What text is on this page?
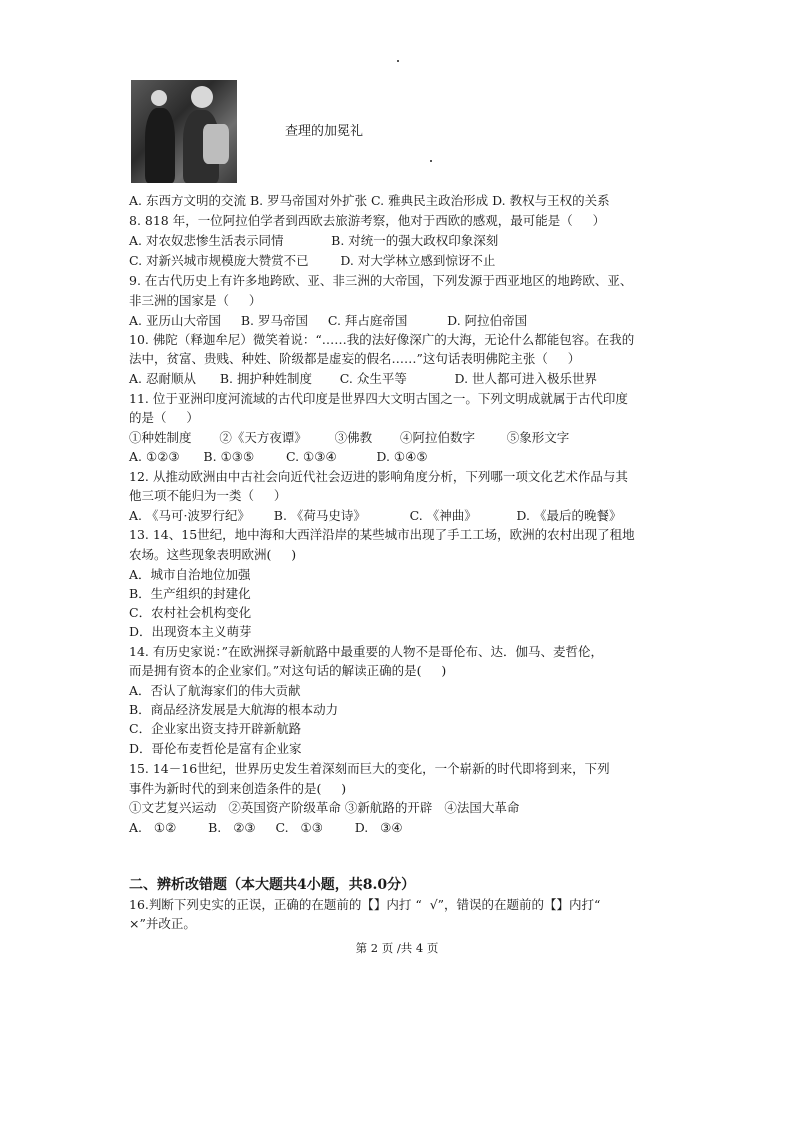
查理的加冕礼
A. 东西方文明的交流 B. 罗马帝国对外扩张 C. 雅典民主政治形成 D. 教权与王权的关系
8. 818 年，一位阿拉伯学者到西欧去旅游考察，他对于西欧的感观，最可能是（     ）
A. 对农奴悲惨生活表示同情            B. 对统一的强大政权印象深刻
C. 对新兴城市规模庞大赞赏不已        D. 对大学林立感到惊讶不止
9. 在古代历史上有许多地跨欧、亚、非三洲的大帝国，下列发源于西亚地区的地跨欧、亚、
非三洲的国家是（     ）
A. 亚历山大帝国     B. 罗马帝国     C. 拜占庭帝国          D. 阿拉伯帝国
10. 佛陀（释迦牟尼）微笑着说：“……我的法好像深广的大海，无论什么都能包容。在我的
法中，贫富、贵贱、种姓、阶级都是虚妄的假名……”这句话表明佛陀主张（     ）
A. 忍耐顺从      B. 拥护种姓制度       C. 众生平等            D. 世人都可进入极乐世界
11. 位于亚洲印度河流域的古代印度是世界四大文明古国之一。下列文明成就属于古代印度
的是（     ）
①种姓制度       ②《天方夜谭》       ③佛教       ④阿拉伯数字        ⑤象形文字
A. ①②③      B. ①③⑤        C. ①③④          D. ①④⑤
12. 从推动欧洲由中古社会向近代社会迈进的影响角度分析，下列哪一项文化艺术作品与其
他三项不能归为一类（     ）
A. 《马可·波罗行纪》      B. 《荷马史诗》           C. 《神曲》          D. 《最后的晚餐》
13. 14、15世纪，地中海和大西洋沿岸的某些城市出现了手工工场，欧洲的农村出现了租地
农场。这些现象表明欧洲(     )
A．城市自治地位加强
B．生产组织的封建化
C．农村社会机构变化
D．出现资本主义萌芽
14. 有历史家说：”在欧洲探寻新航路中最重要的人物不是哥伦布、达．伽马、麦哲伦，
而是拥有资本的企业家们。”对这句话的解读正确的是(     )
A．否认了航海家们的伟大贡献
B．商品经济发展是大航海的根本动力
C．企业家出资支持开辟新航路
D．哥伦布麦哲伦是富有企业家
15. 14－16世纪，世界历史发生着深刻而巨大的变化，一个崭新的时代即将到来，下列
事件为新时代的到来创造条件的是(     )
①文艺复兴运动   ②英国资产阶级革命 ③新航路的开辟   ④法国大革命
A.   ①②        B.   ②③     C.   ①③        D.   ③④
二、辨析改错题（本大题共4小题，共8.0分）
16.判断下列史实的正误，正确的在题前的【】内打 “  √”，错误的在题前的【】内打“
×”并改正。
第 2 页 /共 4 页
